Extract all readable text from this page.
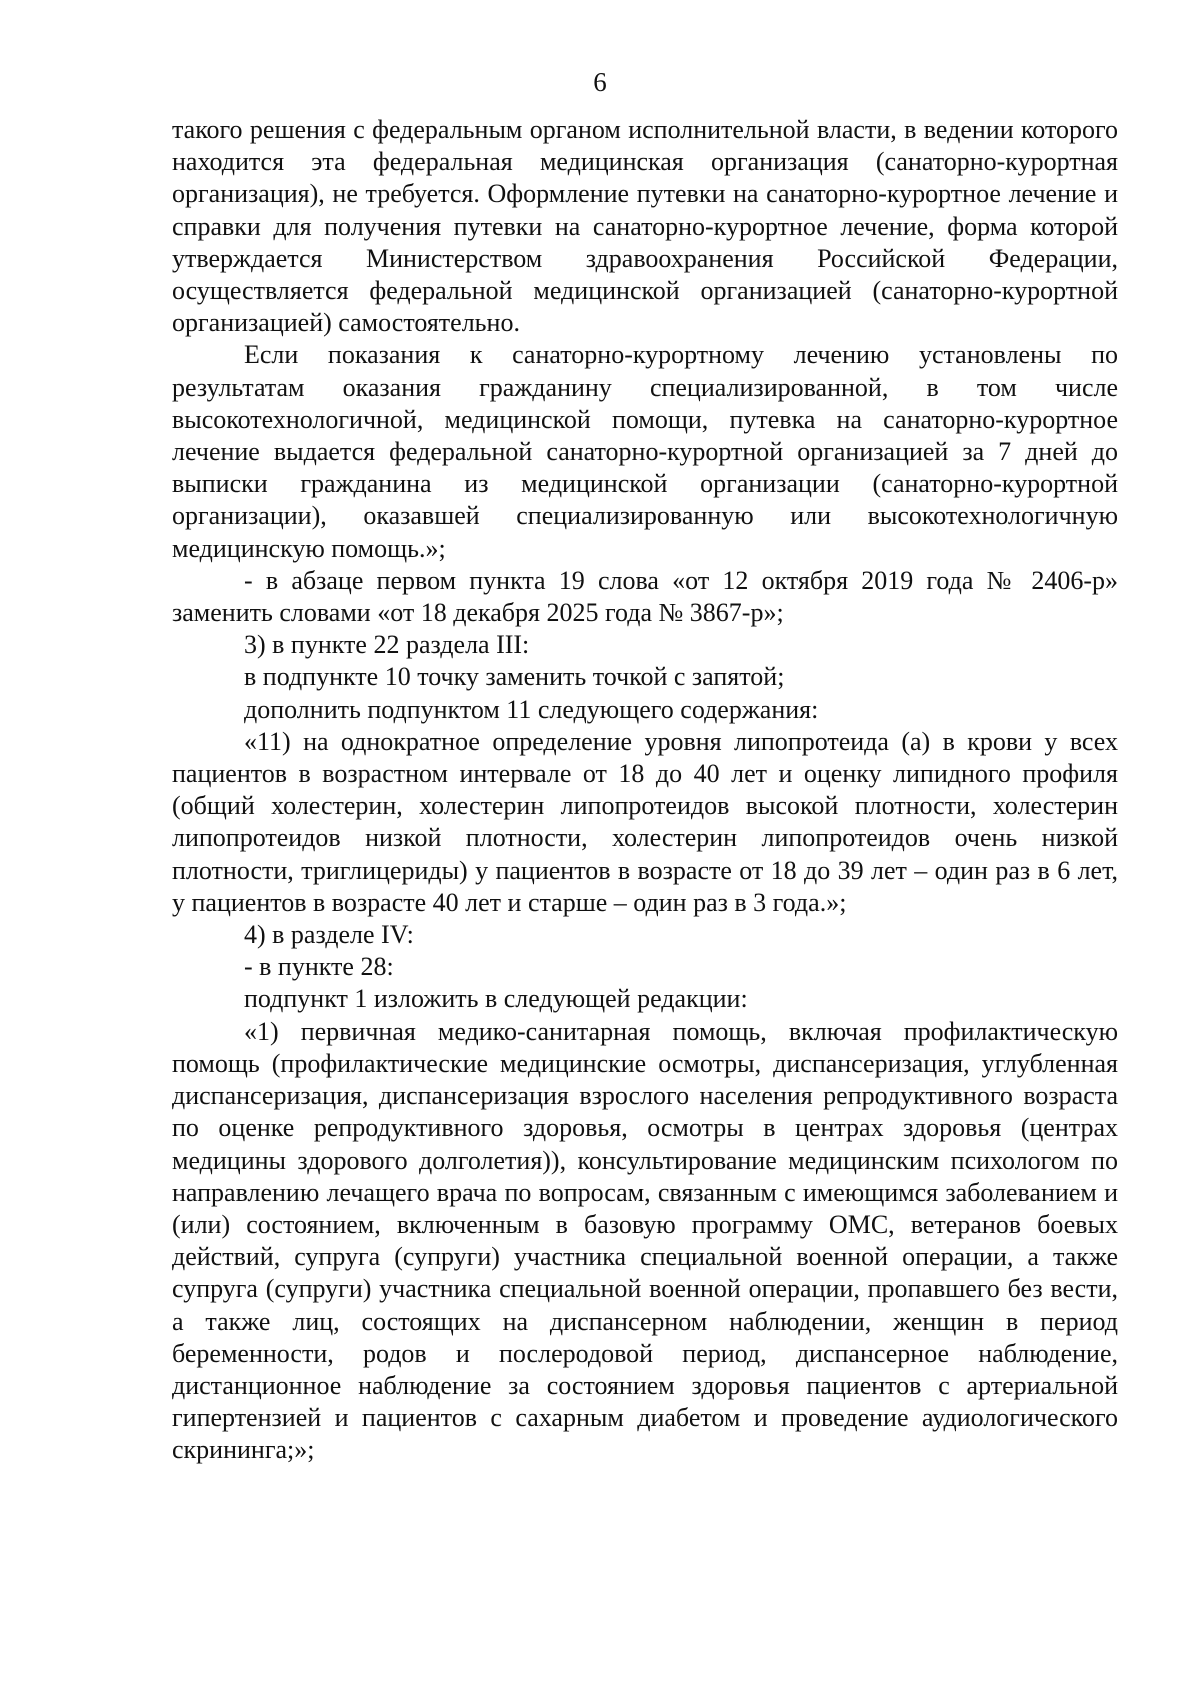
6

такого решения с федеральным органом исполнительной власти, в ведении которого находится эта федеральная медицинская организация (санаторно-курортная организация), не требуется. Оформление путевки на санаторно-курортное лечение и справки для получения путевки на санаторно-курортное лечение, форма которой утверждается Министерством здравоохранения Российской Федерации, осуществляется федеральной медицинской организацией (санаторно-курортной организацией) самостоятельно.

Если показания к санаторно-курортному лечению установлены по результатам оказания гражданину специализированной, в том числе высокотехнологичной, медицинской помощи, путевка на санаторно-курортное лечение выдается федеральной санаторно-курортной организацией за 7 дней до выписки гражданина из медицинской организации (санаторно-курортной организации), оказавшей специализированную или высокотехнологичную медицинскую помощь.»;

- в абзаце первом пункта 19 слова «от 12 октября 2019 года № 2406-р» заменить словами «от 18 декабря 2025 года № 3867-р»;

3) в пункте 22 раздела III:

в подпункте 10 точку заменить точкой с запятой;

дополнить подпунктом 11 следующего содержания:

«11) на однократное определение уровня липопротеида (а) в крови у всех пациентов в возрастном интервале от 18 до 40 лет и оценку липидного профиля (общий холестерин, холестерин липопротеидов высокой плотности, холестерин липопротеидов низкой плотности, холестерин липопротеидов очень низкой плотности, триглицериды) у пациентов в возрасте от 18 до 39 лет – один раз в 6 лет, у пациентов в возрасте 40 лет и старше – один раз в 3 года.»;

4) в разделе IV:

- в пункте 28:

подпункт 1 изложить в следующей редакции:

«1) первичная медико-санитарная помощь, включая профилактическую помощь (профилактические медицинские осмотры, диспансеризация, углубленная диспансеризация, диспансеризация взрослого населения репродуктивного возраста по оценке репродуктивного здоровья, осмотры в центрах здоровья (центрах медицины здорового долголетия)), консультирование медицинским психологом по направлению лечащего врача по вопросам, связанным с имеющимся заболеванием и (или) состоянием, включенным в базовую программу ОМС, ветеранов боевых действий, супруга (супруги) участника специальной военной операции, а также супруга (супруги) участника специальной военной операции, пропавшего без вести, а также лиц, состоящих на диспансерном наблюдении, женщин в период беременности, родов и послеродовой период, диспансерное наблюдение, дистанционное наблюдение за состоянием здоровья пациентов с артериальной гипертензией и пациентов с сахарным диабетом и проведение аудиологического скрининга;»;
